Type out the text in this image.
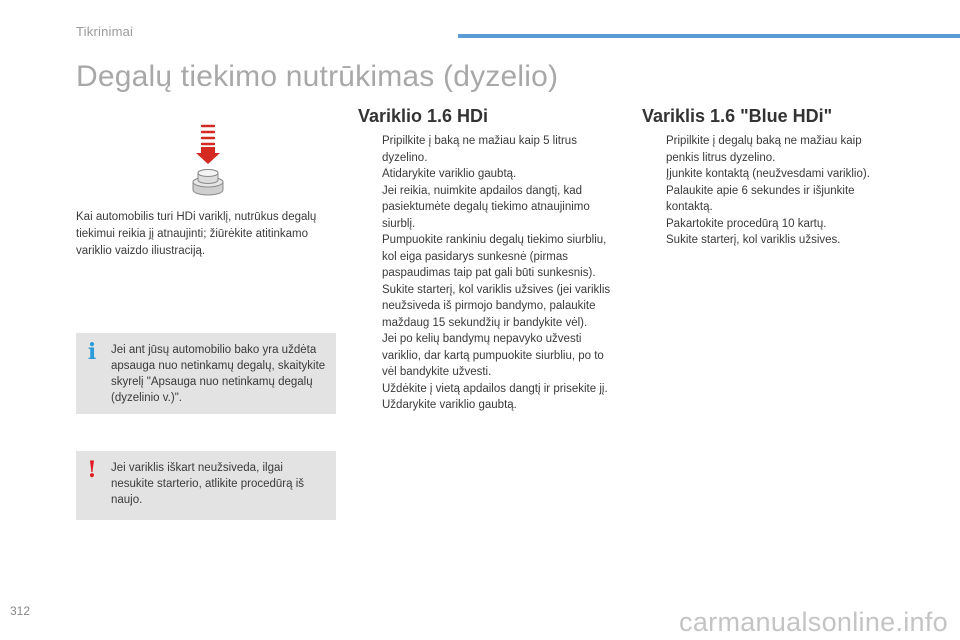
Tikrinimai
Degalų tiekimo nutrūkimas (dyzelio)

Kai automobilis turi HDi variklį, nutrūkus degalų tiekimui reikia jį atnaujinti; žiūrėkite atitinkamo variklio vaizdo iliustraciją.

i Jei ant jūsų automobilio bako yra uždėta apsauga nuo netinkamų degalų, skaitykite skyrelį "Apsauga nuo netinkamų degalų (dyzelinio v.)".

! Jei variklis iškart neužsiveda, ilgai nesukite starterio, atlikite procedūrą iš naujo.

Variklio 1.6 HDi
Pripilkite į baką ne mažiau kaip 5 litrus dyzelino.
Atidarykite variklio gaubtą.
Jei reikia, nuimkite apdailos dangtį, kad pasiektumėte degalų tiekimo atnaujinimo siurblį.
Pumpuokite rankiniu degalų tiekimo siurbliu, kol eiga pasidarys sunkesnė (pirmas paspaudimas taip pat gali būti sunkesnis).
Sukite starterį, kol variklis užsives (jei variklis neužsiveda iš pirmojo bandymo, palaukite maždaug 15 sekundžių ir bandykite vėl).
Jei po kelių bandymų nepavyko užvesti variklio, dar kartą pumpuokite siurbliu, po to vėl bandykite užvesti.
Uždėkite į vietą apdailos dangtį ir prisekite jį.
Uždarykite variklio gaubtą.
Variklis 1.6 "Blue HDi"
Pripilkite į degalų baką ne mažiau kaip penkis litrus dyzelino.
Įjunkite kontaktą (neužvesdami variklio).
Palaukite apie 6 sekundes ir išjunkite kontaktą.
Pakartokite procedūrą 10 kartų.
Sukite starterį, kol variklis užsives.
312	carmanualsonline.info
